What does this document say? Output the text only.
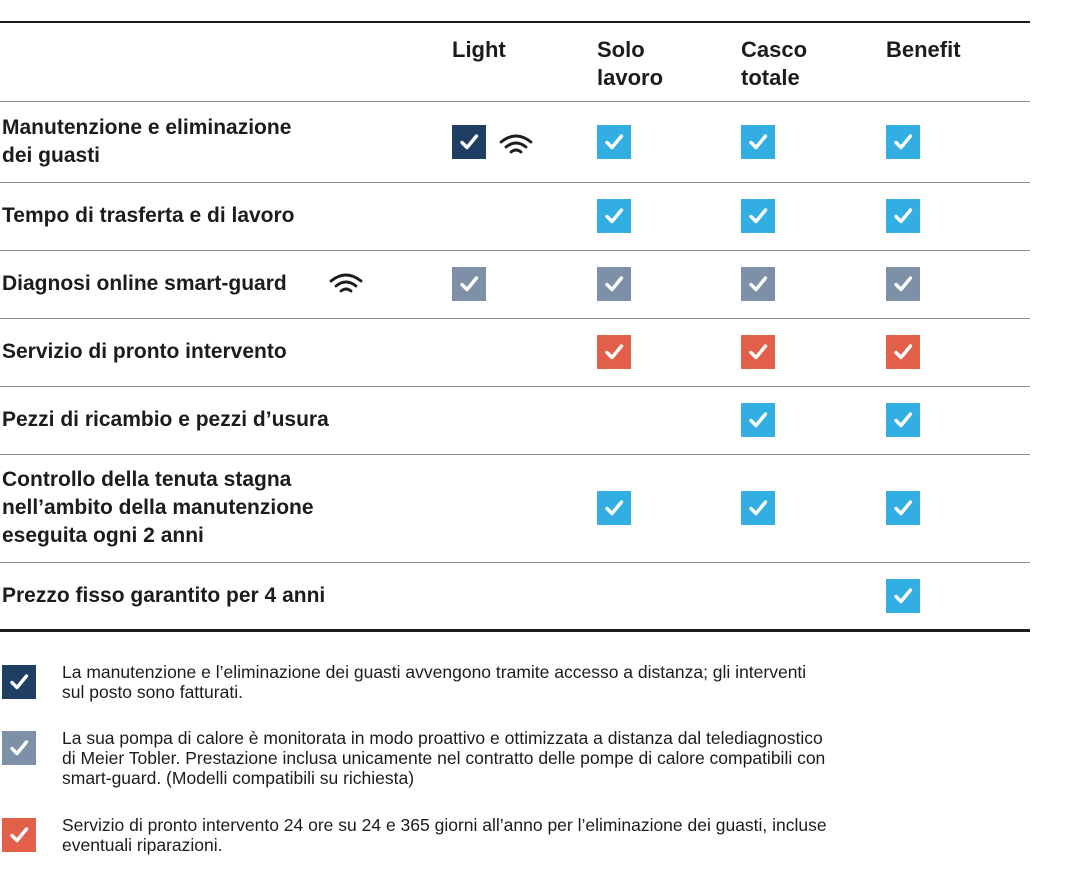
Light	Solo
lavoro
Casco
totale
Benefit
Manutenzione e eliminazione
dei guasti
Tempo di trasferta e di lavoro
Diagnosi online smart-guard
Servizio di pronto intervento
Pezzi di ricambio e pezzi d’usura
Controllo della tenuta stagna
nell’ambito della manutenzione
eseguita ogni 2 anni
Prezzo fisso garantito per 4 anni
La manutenzione e l’eliminazione dei guasti avvengono tramite accesso a distanza; gli interventi
sul posto sono fatturati.
La sua pompa di calore è monitorata in modo proattivo e ottimizzata a distanza dal telediagnostico
di Meier Tobler. Prestazione inclusa unicamente nel contratto delle pompe di calore compatibili con
smart-guard. (Modelli compatibili su richiesta)
Servizio di pronto intervento 24 ore su 24 e 365 giorni all’anno per l’eliminazione dei guasti, incluse
eventuali riparazioni.
